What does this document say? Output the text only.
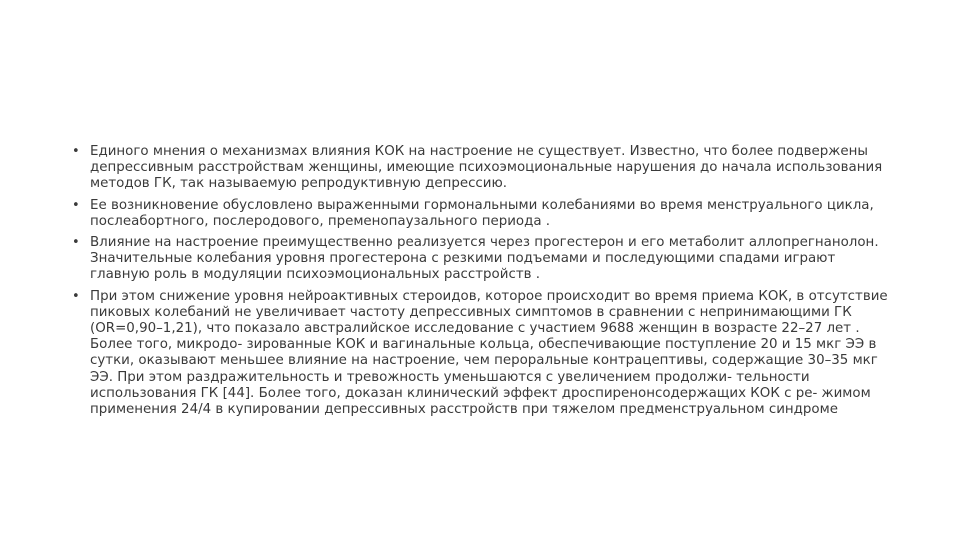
• Единого мнения о механизмах влияния КОК на настроение не существует. Известно, что более подвержены депрессивным расстройствам женщины, имеющие психоэмоциональные нарушения до начала использования методов ГК, так называемую репродуктивную депрессию.
• Ее возникновение обусловлено выраженными гормональными колебаниями во время менструального цикла, послеабортного, послеродового, пременопаузального периода .
• Влияние на настроение преимущественно реализуется через прогестерон и его метаболит аллопрегнанолон. Значительные колебания уровня прогестерона с резкими подъемами и последующими спадами играют главную роль в модуляции психоэмоциональных расстройств .
• При этом снижение уровня нейроактивных стероидов, которое происходит во время приема КОК, в отсутствие пиковых колебаний не увеличивает частоту депрессивных симптомов в сравнении с непринимающими ГК (OR=0,90–1,21), что показало австралийское исследование с участием 9688 женщин в возрасте 22–27 лет . Более того, микродо- зированные КОК и вагинальные кольца, обеспечивающие поступление 20 и 15 мкг ЭЭ в сутки, оказывают меньшее влияние на настроение, чем пероральные контрацептивы, содержащие 30–35 мкг ЭЭ. При этом раздражительность и тревожность уменьшаются с увеличением продолжи- тельности использования ГК [44]. Более того, доказан клинический эффект дроспиренонсодержащих КОК с ре- жимом применения 24/4 в купировании депрессивных расстройств при тяжелом предменструальном синдроме
